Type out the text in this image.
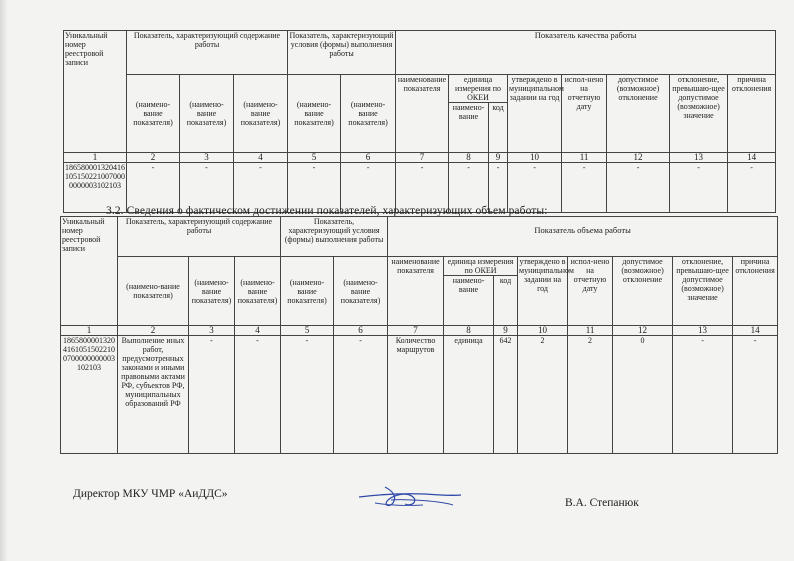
Уникальный номер реестровой записи	Показатель, характеризующий содержание работы			Показатель, характеризующий условия (формы) выполнения работы		Показатель качества работы							
	(наимено-вание показателя)	(наимено-вание показателя)	(наимено-вание показателя)	(наимено-вание показателя)	(наимено-вание показателя)	наименование показателя	единица измерения по ОКЕИ		утверждено в муниципальном задании на год	испол-нено на отчетную дату	допустимое (возможное) отклонение	отклонение, превышаю-щее допустимое (возможное) значение	причина отклонения
							наимено-вание	код					
1	2	3	4	5	6	7	8	9	10	11	12	13	14
1865800013204161051502210070000000003102103	-	-	-	-	-	-	-	-	-	-	-	-	-
3.2. Сведения о фактическом достижении показателей, характеризующих объем работы:
Уникальный номер реестровой записи	Показатель, характеризующий содержание работы			Показатель, характеризующий условия (формы) выполнения работы		Показатель объема работы							
	(наимено-вание показателя)	(наимено-вание показателя)	(наимено-вание показателя)	(наимено-вание показателя)	(наимено-вание показателя)	наименование показателя	единица измерения по ОКЕИ		утверждено в муниципальном задании на год	испол-нено на отчетную дату	допустимое (возможное) отклонение	отклонение, превышаю-щее допустимое (возможное) значение	причина отклонения
							наимено-вание	код					
1	2	3	4	5	6	7	8	9	10	11	12	13	14
186580000132041610515022100700000000003102103	Выполнение иных работ, предусмотренных законами и иными правовыми актами РФ, субъектов РФ, муниципальных образований РФ	-	-	-	-	Количество маршрутов	единица	642	2	2	0	-	-
Директор МКУ ЧМР «АиДДС»
В.А. Степанюк
